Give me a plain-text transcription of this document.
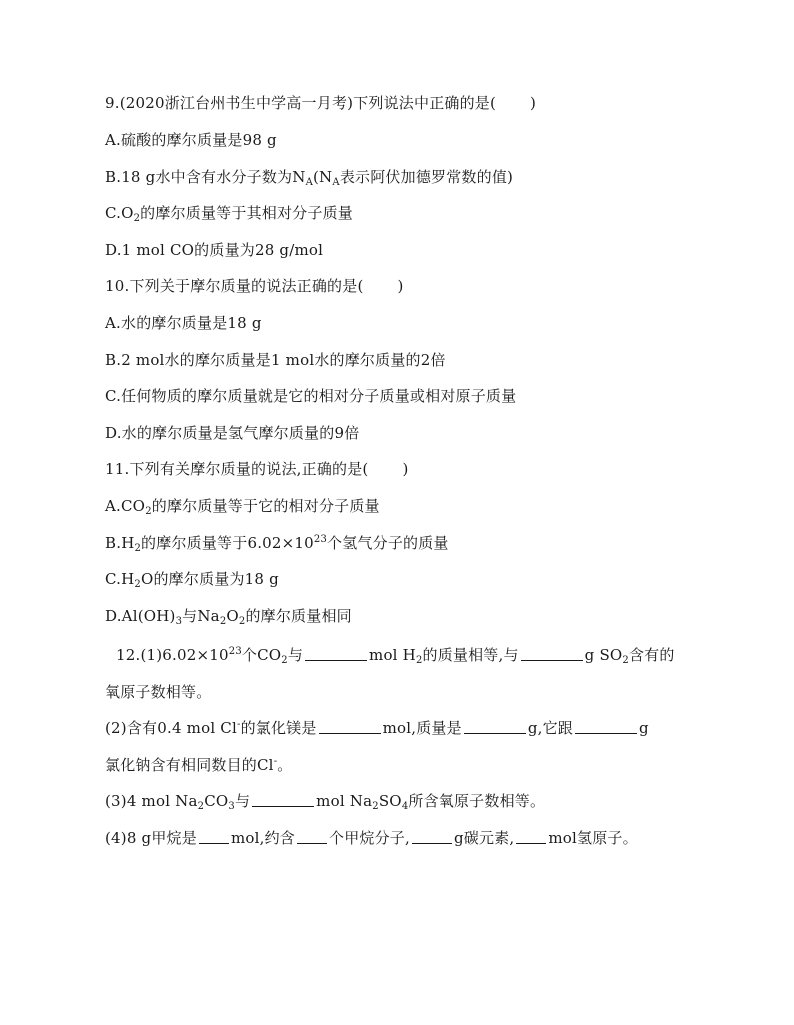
9.(2020浙江台州书生中学高一月考)下列说法中正确的是( )
A.硫酸的摩尔质量是98 g
B.18 g水中含有水分子数为$N_A(N_A$表示阿伏加德罗常数的值)
$C.O_2$的摩尔质量等于其相对分子质量
D.1 mol CO的质量为28 g/mol
10.下列关于摩尔质量的说法正确的是( )
A.水的摩尔质量是18 g
B.2 mol水的摩尔质量是1 mol水的摩尔质量的2倍
C.任何物质的摩尔质量就是它的相对分子质量或相对原子质量
D.水的摩尔质量是氢气摩尔质量的9倍
11.下列有关摩尔质量的说法,正确的是( )
$A.CO_2$的摩尔质量等于它的相对分子质量
$B.H_2$的摩尔质量等于$6.02\times 10^{23}$个氢气分子的质量
$C.H_2O$的摩尔质量为18 g
$D.Al(OH)_3$与$Na_2O_2$的摩尔质量相同
$12.(1)6.02\times 10^{23}$个$CO_2$与	mol $H_2$的质量相等,与	g $SO_2$含有的
氧原子数相等。
(2)含有0.4 mol Cl-的氯化镁是	mol,质量是	g,它跟	g
氯化钠含有相同数目的Cl-。
(3)4 mol $Na_2CO_3$与	mol $Na_2SO_4$所含氧原子数相等。
(4)8 g甲烷是 mol,约含 个甲烷分子,	g碳元素, mol氢原子。
